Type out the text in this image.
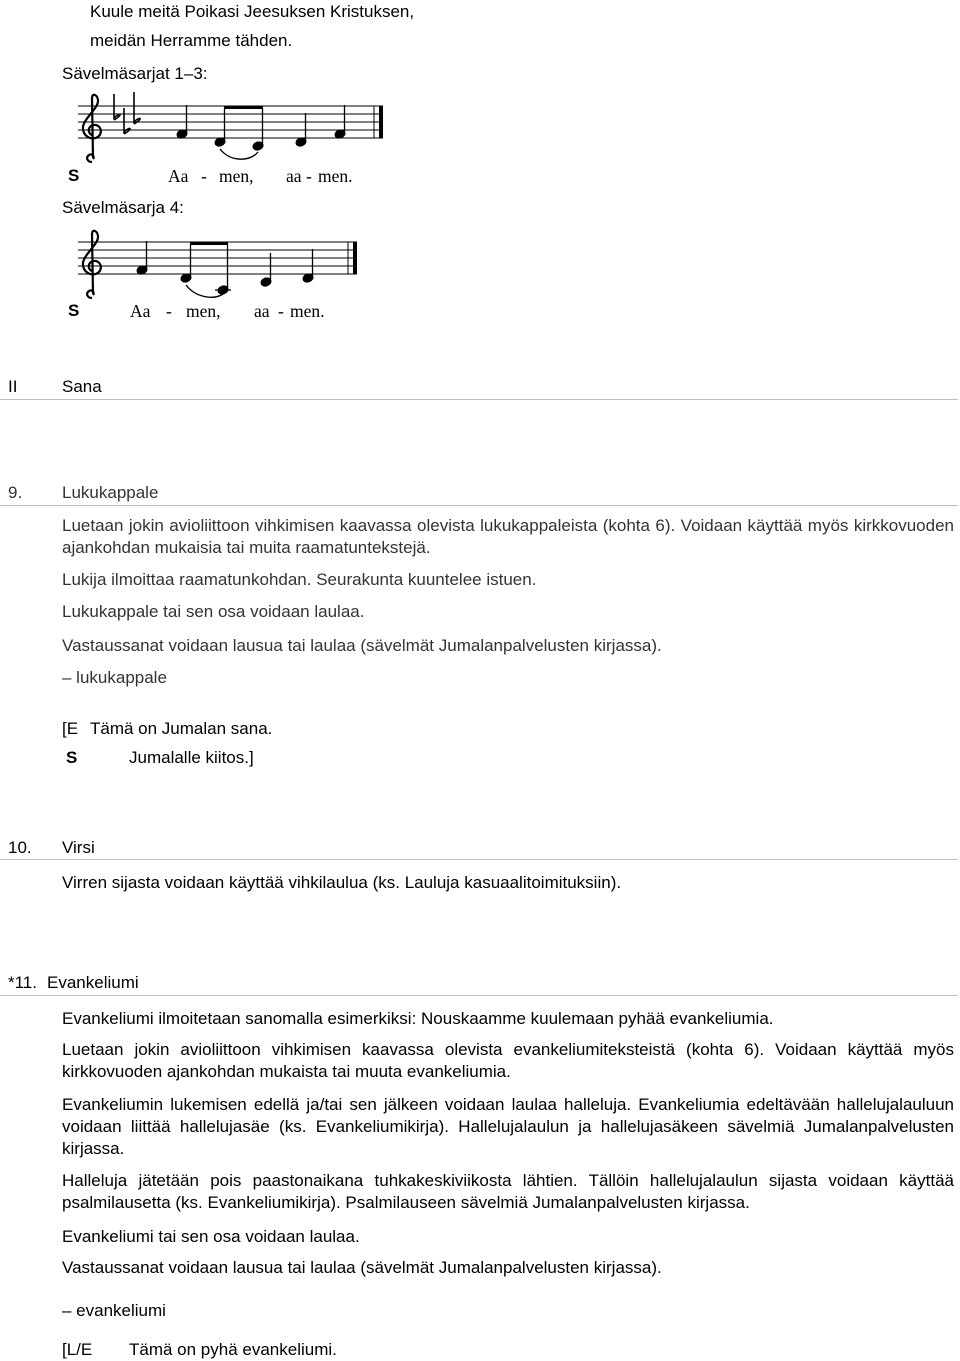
Kuule meitä Poikasi Jeesuksen Kristuksen,
meidän Herramme tähden.
Sävelmäsarjat 1–3:
S	Aa - men, aa - men.
Sävelmäsarja 4:
S	Aa - men, aa - men.
II	Sana
9. Lukukappale

Luetaan jokin avioliittoon vihkimisen kaavassa olevista lukukappaleista (kohta 6). Voidaan käyttää myös kirkkovuoden ajankohdan mukaisia tai muita raamatuntekstejä.

Lukija ilmoittaa raamatunkohdan. Seurakunta kuuntelee istuen.
Lukukappale tai sen osa voidaan laulaa.
Vastaussanat voidaan lausua tai laulaa (sävelmät Jumalanpalvelusten kirjassa).
– lukukappale
[E Tämä on Jumalan sana.
S	Jumalalle kiitos.]
10. Virsi
Virren sijasta voidaan käyttää vihkilaulua (ks. Lauluja kasuaalitoimituksiin).
*11. Evankeliumi
Evankeliumi ilmoitetaan sanomalla esimerkiksi: Nouskaamme kuulemaan pyhää evankeliumia.

Luetaan jokin avioliittoon vihkimisen kaavassa olevista evankeliumiteksteistä (kohta 6). Voidaan käyttää myös kirkkovuoden ajankohdan mukaista tai muuta evankeliumia.

Evankeliumin lukemisen edellä ja/tai sen jälkeen voidaan laulaa halleluja. Evankeliumia edeltävään hallelujalauluun voidaan liittää hallelujasäe (ks. Evankeliumikirja). Hallelujalaulun ja hallelujasäkeen sävelmiä Jumalanpalvelusten kirjassa.

Halleluja jätetään pois paastonaikana tuhkakeskiviikosta lähtien. Tällöin hallelujalaulun sijasta voidaan käyttää psalmilausetta (ks. Evankeliumikirja). Psalmilauseen sävelmiä Jumalanpalvelusten kirjassa.

Evankeliumi tai sen osa voidaan laulaa.
Vastaussanat voidaan lausua tai laulaa (sävelmät Jumalanpalvelusten kirjassa).
– evankeliumi
[L/E Tämä on pyhä evankeliumi.
